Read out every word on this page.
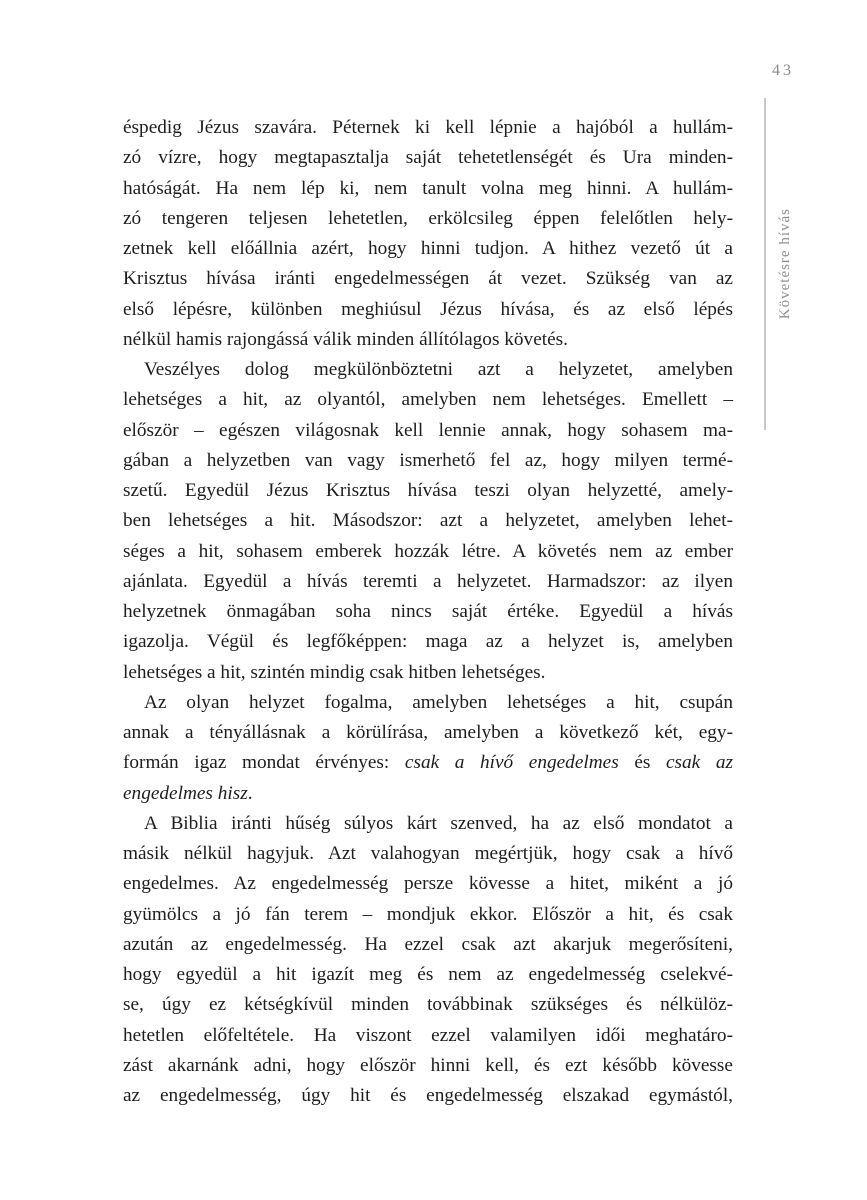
43
Követésre hívás
éspedig Jézus szavára. Péternek ki kell lépnie a hajóból a hullám-
zó vízre, hogy megtapasztalja saját tehetetlenségét és Ura minden-
hatóságát. Ha nem lép ki, nem tanult volna meg hinni. A hullám-
zó tengeren teljesen lehetetlen, erkölcsileg éppen felelőtlen hely-
zetnek kell előállnia azért, hogy hinni tudjon. A hithez vezető út a
Krisztus hívása iránti engedelmességen át vezet. Szükség van az
első lépésre, különben meghiúsul Jézus hívása, és az első lépés
nélkül hamis rajongássá válik minden állítólagos követés.
Veszélyes dolog megkülönböztetni azt a helyzetet, amelyben
lehetséges a hit, az olyantól, amelyben nem lehetséges. Emellett –
először – egészen világosnak kell lennie annak, hogy sohasem ma-
gában a helyzetben van vagy ismerhető fel az, hogy milyen termé-
szetű. Egyedül Jézus Krisztus hívása teszi olyan helyzetté, amely-
ben lehetséges a hit. Másodszor: azt a helyzetet, amelyben lehet-
séges a hit, sohasem emberek hozzák létre. A követés nem az ember
ajánlata. Egyedül a hívás teremti a helyzetet. Harmadszor: az ilyen
helyzetnek önmagában soha nincs saját értéke. Egyedül a hívás
igazolja. Végül és legfőképpen: maga az a helyzet is, amelyben
lehetséges a hit, szintén mindig csak hitben lehetséges.
Az olyan helyzet fogalma, amelyben lehetséges a hit, csupán
annak a tényállásnak a körülírása, amelyben a következő két, egy-
formán igaz mondat érvényes: csak a hívő engedelmes és csak az
engedelmes hisz.
A Biblia iránti hűség súlyos kárt szenved, ha az első mondatot a
másik nélkül hagyjuk. Azt valahogyan megértjük, hogy csak a hívő
engedelmes. Az engedelmesség persze kövesse a hitet, miként a jó
gyümölcs a jó fán terem – mondjuk ekkor. Először a hit, és csak
azután az engedelmesség. Ha ezzel csak azt akarjuk megerősíteni,
hogy egyedül a hit igazít meg és nem az engedelmesség cselekvé-
se, úgy ez kétségkívül minden továbbinak szükséges és nélkülöz-
hetetlen előfeltétele. Ha viszont ezzel valamilyen idői meghatáro-
zást akarnánk adni, hogy először hinni kell, és ezt később kövesse
az engedelmesség, úgy hit és engedelmesség elszakad egymástól,
